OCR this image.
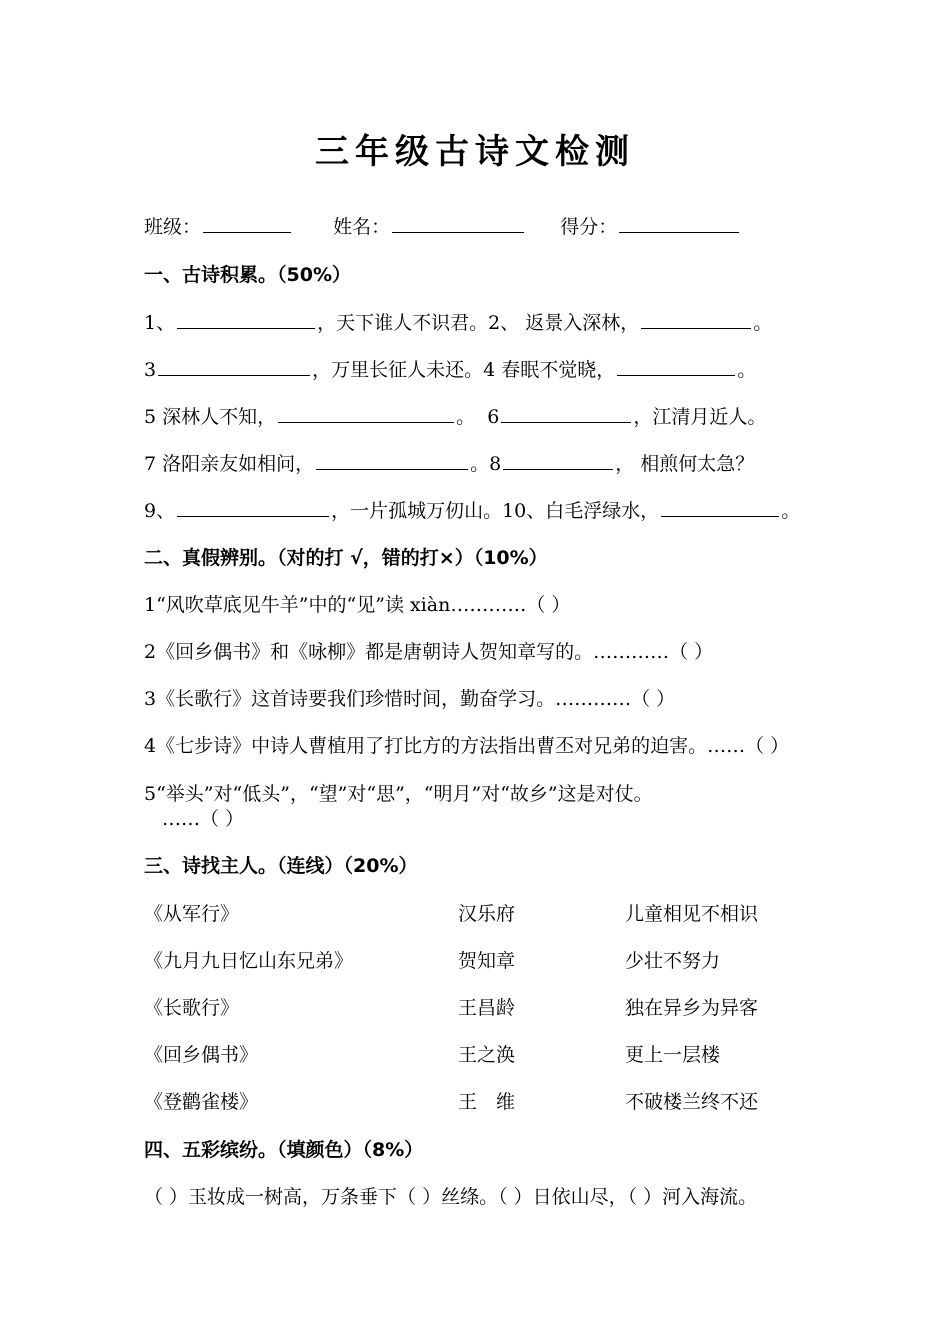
三年级古诗文检测
班级：	姓名：	得分：
一、古诗积累。（50%）
1、	，天下谁人不识君。2、 返景入深林，	。
3	，万里长征人未还。4 春眠不觉晓，	。
5 深林人不知，	。  6	，江清月近人。
7 洛阳亲友如相问，	。8	， 相煎何太急？
9、	，一片孤城万仞山。10、白毛浮绿水，	。
二、真假辨别。（对的打 √，错的打×）（10%）
1“风吹草底见牛羊”中的“见”读 xiàn…………（ ）
2《回乡偶书》和《咏柳》都是唐朝诗人贺知章写的。…………（ ）
3《长歌行》这首诗要我们珍惜时间，勤奋学习。…………（ ）
4《七步诗》中诗人曹植用了打比方的方法指出曹丕对兄弟的迫害。……（ ）
5“举头”对“低头”，“望”对“思”，“明月”对“故乡”这是对仗。
……（ ）
三、诗找主人。（连线）（20%）
《从军行》	汉乐府	儿童相见不相识
《九月九日忆山东兄弟》	贺知章	少壮不努力
《长歌行》	王昌龄	独在异乡为异客
《回乡偶书》	王之涣	更上一层楼
《登鹳雀楼》	王　维	不破楼兰终不还
四、五彩缤纷。（填颜色）（8%）
（ ）玉妆成一树高，万条垂下（ ）丝绦。（ ）日依山尽，（ ）河入海流。
